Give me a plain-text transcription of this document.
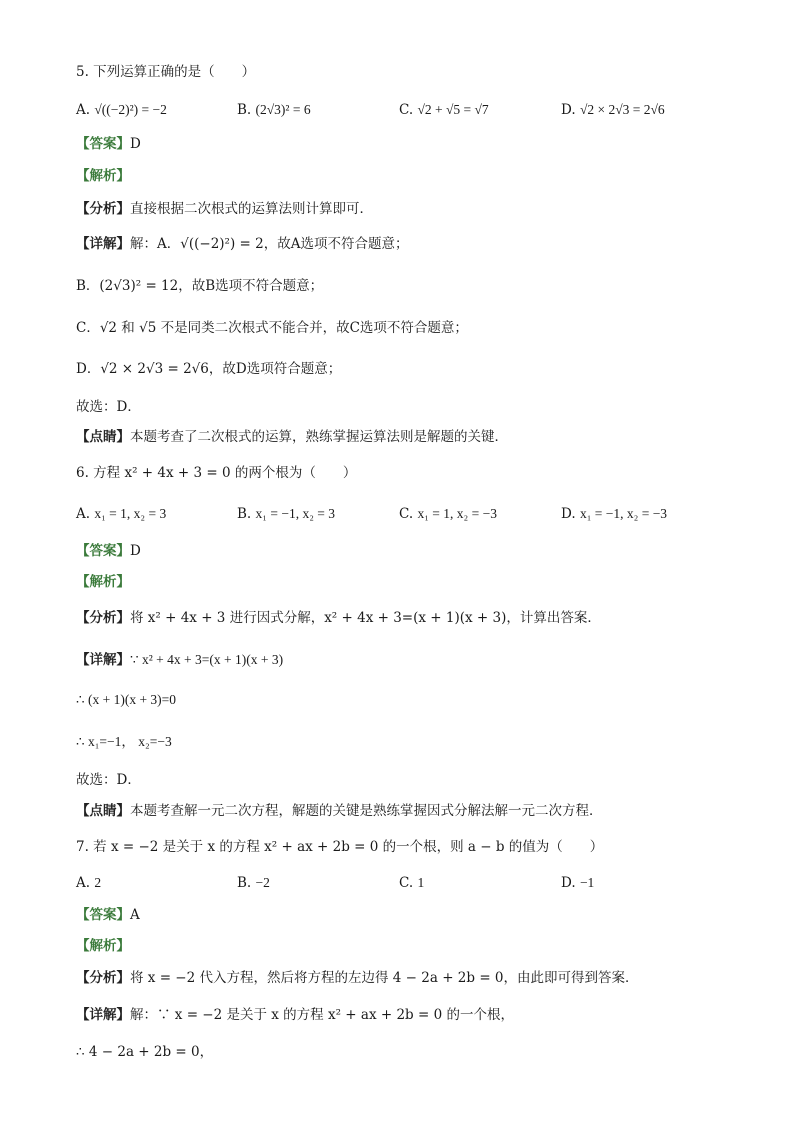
5. 下列运算正确的是（　　）
A. √((−2)²) = −2	B. (2√3)² = 6	C. √2 + √5 = √7	D. √2 × 2√3 = 2√6
【答案】D
【解析】
【分析】直接根据二次根式的运算法则计算即可．
【详解】解：A．√((−2)²) = 2，故A选项不符合题意；
B．(2√3)² = 12，故B选项不符合题意；
C．√2 和 √5 不是同类二次根式不能合并，故C选项不符合题意；
D．√2 × 2√3 = 2√6，故D选项符合题意；
故选：D．
【点睛】本题考查了二次根式的运算，熟练掌握运算法则是解题的关键．
6. 方程 x² + 4x + 3 = 0 的两个根为（　　）
A. x₁ = 1, x₂ = 3	B. x₁ = −1, x₂ = 3	C. x₁ = 1, x₂ = −3	D. x₁ = −1, x₂ = −3
【答案】D
【解析】
【分析】将 x² + 4x + 3 进行因式分解，x² + 4x + 3=(x + 1)(x + 3)，计算出答案．
【详解】∵ x² + 4x + 3=(x + 1)(x + 3)
∴ (x + 1)(x + 3)=0
∴ x₁=−1， x₂=−3
故选：D．
【点睛】本题考查解一元二次方程，解题的关键是熟练掌握因式分解法解一元二次方程．
7. 若 x = −2 是关于 x 的方程 x² + ax + 2b = 0 的一个根，则 a − b 的值为（　　）
A. 2	B. −2	C. 1	D. −1
【答案】A
【解析】
【分析】将 x = −2 代入方程，然后将方程的左边得 4 − 2a + 2b = 0，由此即可得到答案．
【详解】解：∵ x = −2 是关于 x 的方程 x² + ax + 2b = 0 的一个根，
∴ 4 − 2a + 2b = 0，
